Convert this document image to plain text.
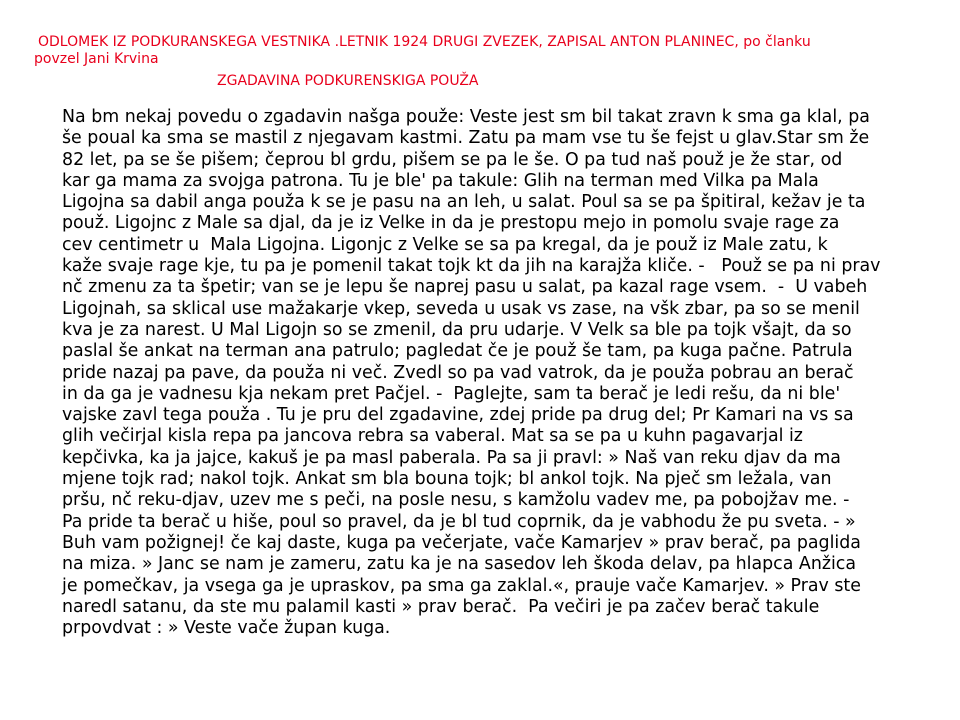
ODLOMEK IZ PODKURANSKEGA VESTNIKA .LETNIK 1924 DRUGI ZVEZEK, ZAPISAL ANTON PLANINEC, po članku
povzel Jani Krvina
ZGADAVINA PODKURENSKIGA POUŽA
Na bm nekaj povedu o zgadavin našga použe: Veste jest sm bil takat zravn k sma ga klal, pa
še poual ka sma se mastil z njegavam kastmi. Zatu pa mam vse tu še fejst u glav.Star sm že
82 let, pa se še pišem; čeprou bl grdu, pišem se pa le še. O pa tud naš použ je že star, od
kar ga mama za svojga patrona. Tu je ble' pa takule: Glih na terman med Vilka pa Mala
Ligojna sa dabil anga použa k se je pasu na an leh, u salat. Poul sa se pa špitiral, kežav je ta
použ. Ligojnc z Male sa djal, da je iz Velke in da je prestopu mejo in pomolu svaje rage za
cev centimetr u  Mala Ligojna. Ligonjc z Velke se sa pa kregal, da je použ iz Male zatu, k
kaže svaje rage kje, tu pa je pomenil takat tojk kt da jih na karajža kliče. -   Použ se pa ni prav
nč zmenu za ta špetir; van se je lepu še naprej pasu u salat, pa kazal rage vsem.  -  U vabeh
Ligojnah, sa sklical use mažakarje vkep, seveda u usak vs zase, na všk zbar, pa so se menil
kva je za narest. U Mal Ligojn so se zmenil, da pru udarje. V Velk sa ble pa tojk všajt, da so
paslal še ankat na terman ana patrulo; pagledat če je použ še tam, pa kuga pačne. Patrula
pride nazaj pa pave, da použa ni več. Zvedl so pa vad vatrok, da je použa pobrau an berač
in da ga je vadnesu kja nekam pret Pačjel. -  Paglejte, sam ta berač je ledi rešu, da ni ble'
vajske zavl tega použa . Tu je pru del zgadavine, zdej pride pa drug del; Pr Kamari na vs sa
glih večirjal kisla repa pa jancova rebra sa vaberal. Mat sa se pa u kuhn pagavarjal iz
kepčivka, ka ja jajce, kakuš je pa masl paberala. Pa sa ji pravl: » Naš van reku djav da ma
mjene tojk rad; nakol tojk. Ankat sm bla bouna tojk; bl ankol tojk. Na pječ sm ležala, van
pršu, nč reku-djav, uzev me s peči, na posle nesu, s kamžolu vadev me, pa pobojžav me. -
Pa pride ta berač u hiše, poul so pravel, da je bl tud coprnik, da je vabhodu že pu sveta. - »
Buh vam požignej! če kaj daste, kuga pa večerjate, vače Kamarjev » prav berač, pa paglida
na miza. » Janc se nam je zameru, zatu ka je na sasedov leh škoda delav, pa hlapca Anžica
je pomečkav, ja vsega ga je upraskov, pa sma ga zaklal.«, prauje vače Kamarjev. » Prav ste
naredl satanu, da ste mu palamil kasti » prav berač.  Pa večiri je pa začev berač takule
prpovdvat : » Veste vače župan kuga.
